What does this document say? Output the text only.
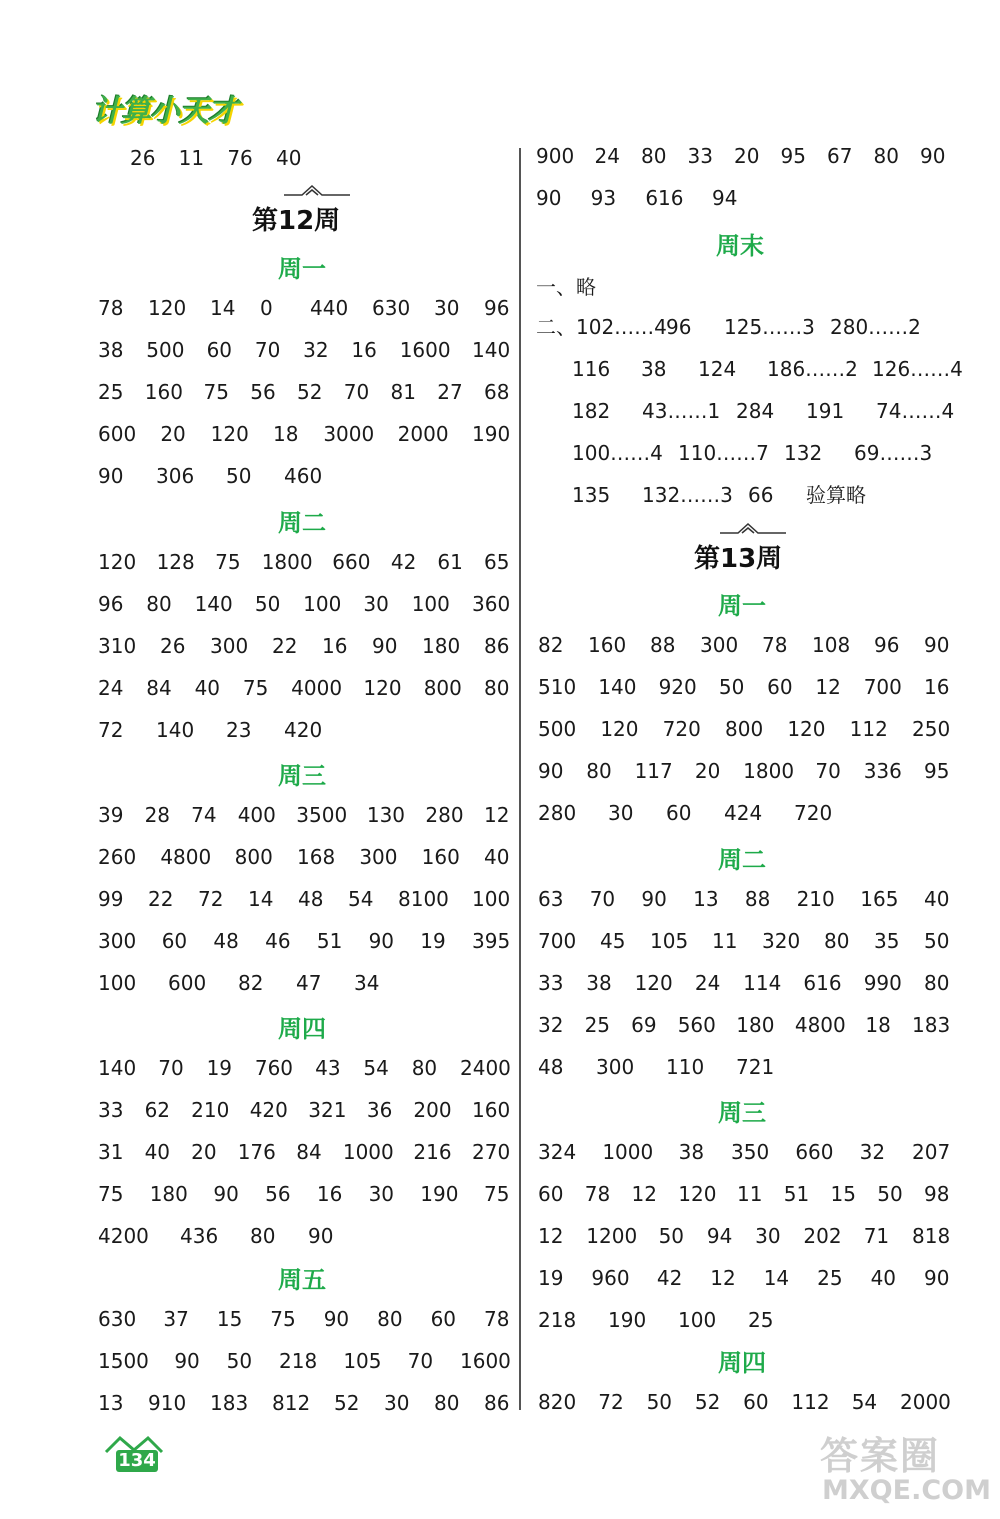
计算小天才
26 11 76 40
第12周
周一
78 120 14 0 440 630 30 96
38 500 60 70 32 16 1600 140
25 160 75 56 52 70 81 27 68
600 20 120 18 3000 2000 190
90 306 50 460
周二
120 128 75 1800 660 42 61 65
96 80 140 50 100 30 100 360
310 26 300 22 16 90 180 86
24 84 40 75 4000 120 800 80
72 140 23 420
周三
39 28 74 400 3500 130 280 12
260 4800 800 168 300 160 40
99 22 72 14 48 54 8100 100
300 60 48 46 51 90 19 395
100 600 82 47 34
周四
140 70 19 760 43 54 80 2400
33 62 210 420 321 36 200 160
31 40 20 176 84 1000 216 270
75 180 90 56 16 30 190 75
4200 436 80 90
周五
630 37 15 75 90 80 60 78
1500 90 50 218 105 70 1600
13 910 183 812 52 30 80 86
900 24 80 33 20 95 67 80 90
90 93 616 94
周末
一、略
二、102……4 96 125……3 280……2
116 38 124 186……2 126……4
182 43……1 284 191 74……4
100……4 110……7 132 69……3
135 132……3 66 验算略
第13周
周一
82 160 88 300 78 108 96 90
510 140 920 50 60 12 700 16
500 120 720 800 120 112 250
90 80 117 20 1800 70 336 95
280 30 60 424 720
周二
63 70 90 13 88 210 165 40
700 45 105 11 320 80 35 50
33 38 120 24 114 616 990 80
32 25 69 560 180 4800 18 183
48 300 110 721
周三
324 1000 38 350 660 32 207
60 78 12 120 11 51 15 50 98
12 1200 50 94 30 202 71 818
19 960 42 12 14 25 40 90
218 190 100 25
周四
820 72 50 52 60 112 54 2000
134	答案圈
MXQE.COM
